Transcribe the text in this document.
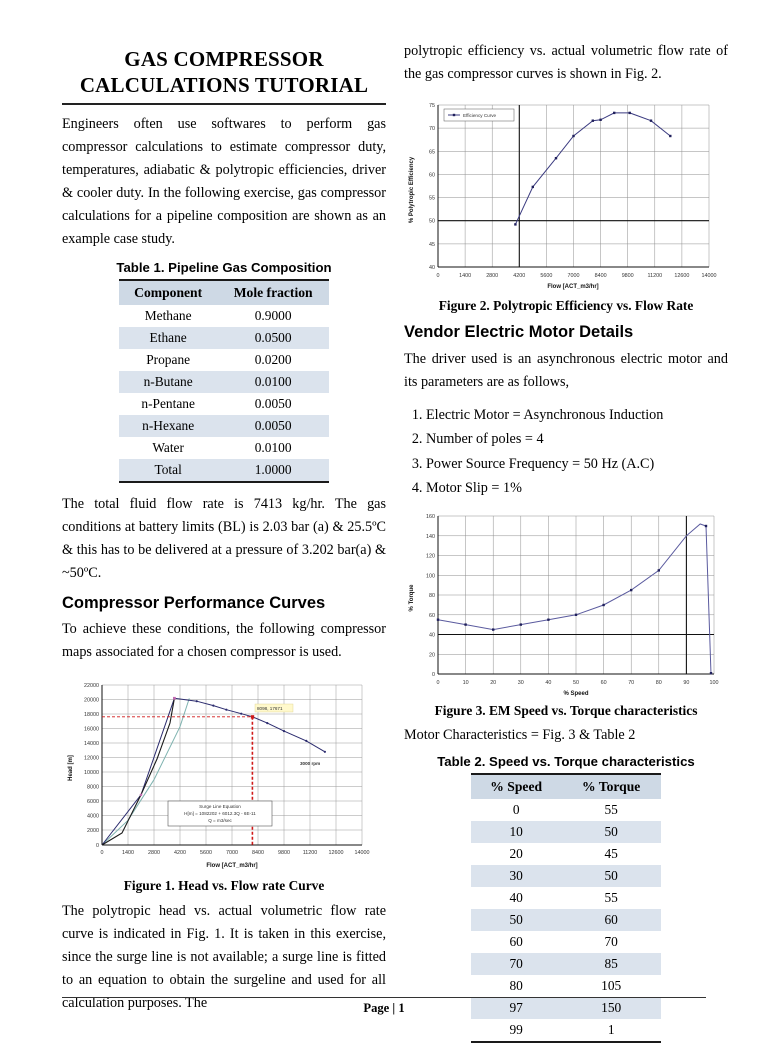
GAS COMPRESSOR
CALCULATIONS TUTORIAL

Engineers often use softwares to perform gas compressor calculations to estimate compressor duty, temperatures, adiabatic & polytropic efficiencies, driver & cooler duty. In the following exercise, gas compressor calculations for a pipeline composition are shown as an example case study.

Table 1. Pipeline Gas Composition
Component	Mole fraction
Methane	0.9000
Ethane	0.0500
Propane	0.0200
n-Butane	0.0100
n-Pentane	0.0050
n-Hexane	0.0050
Water	0.0100
Total	1.0000

The total fluid flow rate is 7413 kg/hr. The gas conditions at battery limits (BL) is 2.03 bar (a) & 25.5ºC & this has to be delivered at a pressure of 3.202 bar(a) & ~50ºC.

Compressor Performance Curves

To achieve these conditions, the following compressor maps associated for a chosen compressor is used.

0
2000
4000
6000
8000
10000
12000
14000
16000
18000
20000
22000
0	1400	2800	4200	5600	7000	8400	9800 11200 12600 14000
Flow [ACT_m3/hr]
Head [m]
8098, 17671
3000 rpm
Surge Line Equation
H[m] = 1082202 + 6012.3Q - 6E-11
Q = m3/sec
Figure 1. Head vs. Flow rate Curve

The polytropic head vs. actual volumetric flow rate curve is indicated in Fig. 1. It is taken in this exercise, since the surge line is not available; a surge line is fitted to an equation to obtain the surgeline and used for all calculation purposes. The

polytropic efficiency vs. actual volumetric flow rate of the gas compressor curves is shown in Fig. 2.

75
70
65
60
55
50
45
40
0	1400	2800	4200	5600	7000	8400	9800	11200 12600 14000
Flow [ACT_m3/hr]
% Polytropic Efficiency
Efficiency Curve
Figure 2. Polytropic Efficiency vs. Flow Rate
Vendor Electric Motor Details

The driver used is an asynchronous electric motor and its parameters are as follows,

1. Electric Motor = Asynchronous Induction
2. Number of poles = 4
3. Power Source Frequency = 50 Hz (A.C)
4. Motor Slip = 1%
160
140
120
100
80
60
40
20
0
0	10	20	30	40	50	60	70	80	90	100
% Speed
% Torque
Figure 3. EM Speed vs. Torque characteristics
Motor Characteristics = Fig. 3 & Table 2
Table 2. Speed vs. Torque characteristics
% Speed	% Torque
0	55
10	50
20	45
30	50
40	55
50	60
60	70
70	85
80	105
97	150
99	1
Page | 1
